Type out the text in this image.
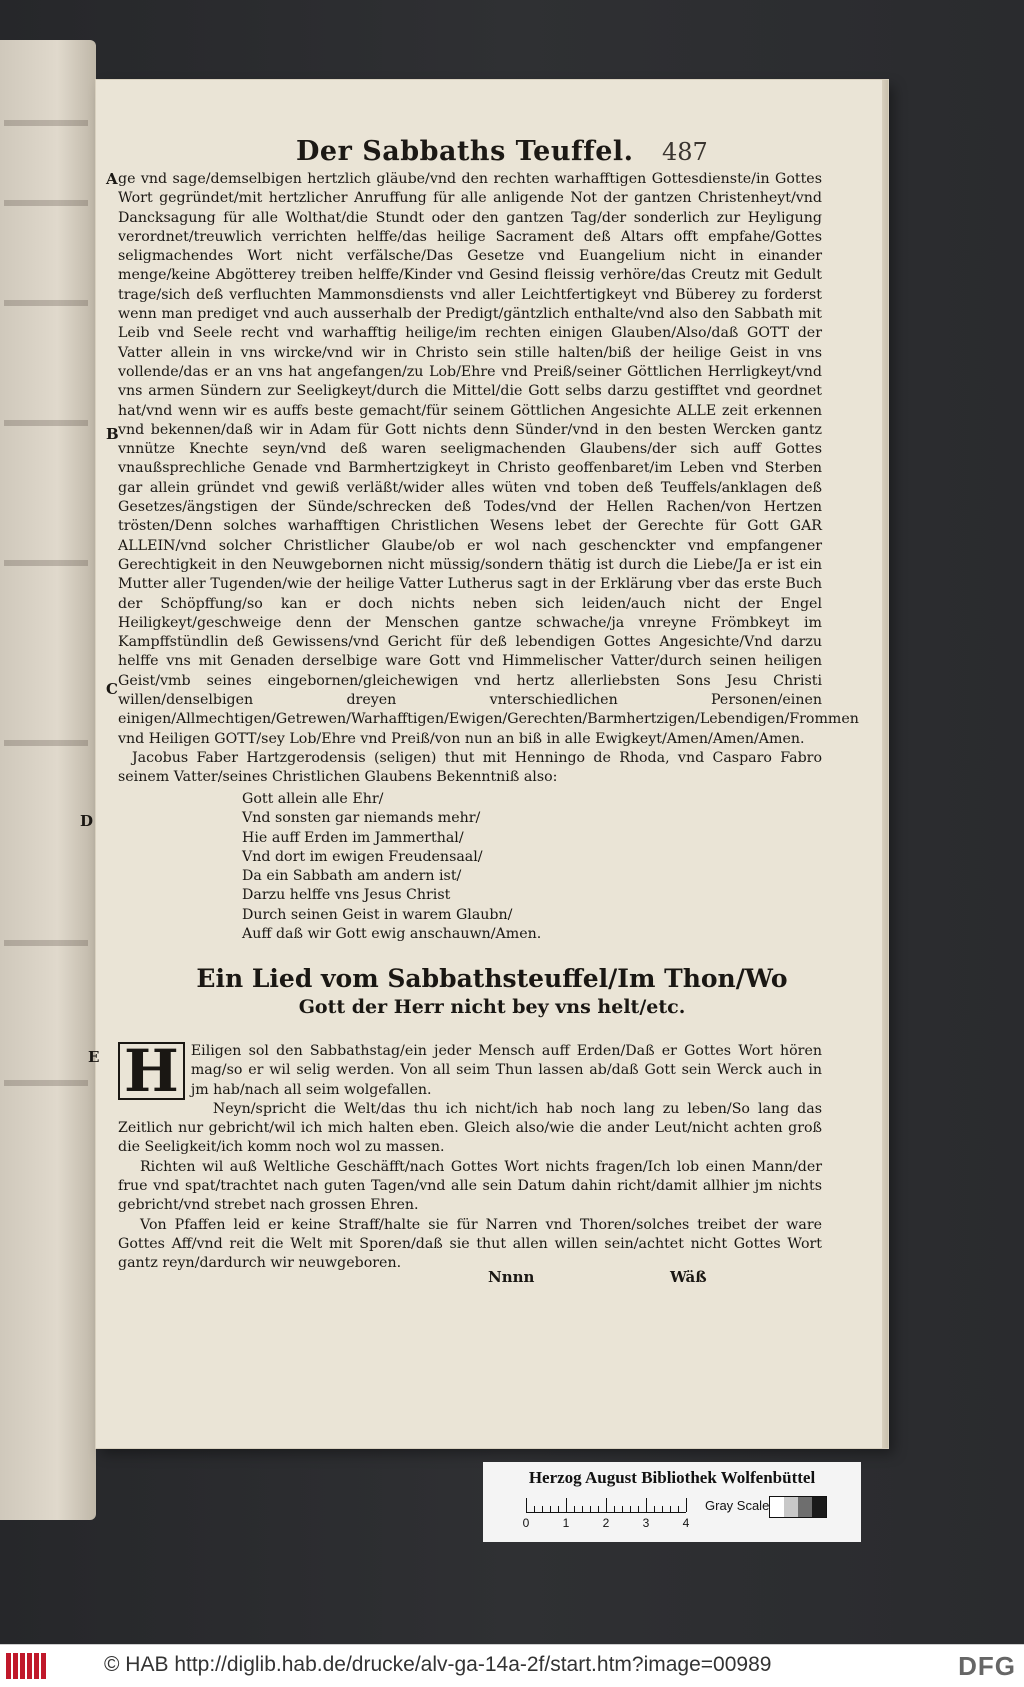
Der Sabbaths Teuffel. 487
A
B
C

ge vnd sage/demselbigen hertzlich gläube/vnd den rechten warhafftigen Gottesdienste/in Gottes Wort gegründet/mit hertzlicher Anruffung für alle anligende Not der gantzen Christenheyt/vnd Dancksagung für alle Wolthat/die Stundt oder den gantzen Tag/der sonderlich zur Heyligung verordnet/treuwlich verrichten helffe/das heilige Sacrament deß Altars offt empfahe/Gottes seligmachendes Wort nicht verfälsche/Das Gesetze vnd Euangelium nicht in einander menge/keine Abgötterey treiben helffe/Kinder vnd Gesind fleissig verhöre/das Creutz mit Gedult trage/sich deß verfluchten Mammonsdiensts vnd aller Leichtfertigkeyt vnd Büberey zu forderst wenn man prediget vnd auch ausserhalb der Predigt/gäntzlich enthalte/vnd also den Sabbath mit Leib vnd Seele recht vnd warhafftig heilige/im rechten einigen Glauben/Also/daß GOTT der Vatter allein in vns wircke/vnd wir in Christo sein stille halten/biß der heilige Geist in vns vollende/das er an vns hat angefangen/zu Lob/Ehre vnd Preiß/seiner Göttlichen Herrligkeyt/vnd vns armen Sündern zur Seeligkeyt/durch die Mittel/die Gott selbs darzu gestifftet vnd geordnet hat/vnd wenn wir es auffs beste gemacht/für seinem Göttlichen Angesichte ALLE zeit erkennen vnd bekennen/daß wir in Adam für Gott nichts denn Sünder/vnd in den besten Wercken gantz vnnütze Knechte seyn/vnd deß waren seeligmachenden Glaubens/der sich auff Gottes vnaußsprechliche Genade vnd Barmhertzigkeyt in Christo geoffenbaret/im Leben vnd Sterben gar allein gründet vnd gewiß verläßt/wider alles wüten vnd toben deß Teuffels/anklagen deß Gesetzes/ängstigen der Sünde/schrecken deß Todes/vnd der Hellen Rachen/von Hertzen trösten/Denn solches warhafftigen Christlichen Wesens lebet der Gerechte für Gott GAR ALLEIN/vnd solcher Christlicher Glaube/ob er wol nach geschenckter vnd empfangener Gerechtigkeit in den Neuwgebornen nicht müssig/sondern thätig ist durch die Liebe/Ja er ist ein Mutter aller Tugenden/wie der heilige Vatter Lutherus sagt in der Erklärung vber das erste Buch der Schöpffung/so kan er doch nichts neben sich leiden/auch nicht der Engel Heiligkeyt/geschweige denn der Menschen gantze schwache/ja vnreyne Frömbkeyt im Kampffstündlin deß Gewissens/vnd Gericht für deß lebendigen Gottes Angesichte/Vnd darzu helffe vns mit Genaden derselbige ware Gott vnd Himmelischer Vatter/durch seinen heiligen Geist/vmb seines eingebornen/gleichewigen vnd hertz allerliebsten Sons Jesu Christi willen/denselbigen dreyen vnterschiedlichen Personen/einen einigen/Allmechtigen/Getrewen/Warhafftigen/Ewigen/Gerechten/Barmhertzigen/Lebendigen/Frommen vnd Heiligen GOTT/sey Lob/Ehre vnd Preiß/von nun an biß in alle Ewigkeyt/Amen/Amen/Amen.

Jacobus Faber Hartzgerodensis (seligen) thut mit Henningo de Rhoda, vnd Casparo Fabro seinem Vatter/seines Christlichen Glaubens Bekenntniß also:

D
Gott allein alle Ehr/
Vnd sonsten gar niemands mehr/
Hie auff Erden im Jammerthal/
Vnd dort im ewigen Freudensaal/
Da ein Sabbath am andern ist/
Darzu helffe vns Jesus Christ
Durch seinen Geist in warem Glaubn/
Auff daß wir Gott ewig anschauwn/Amen.
Ein Lied vom Sabbathsteuffel/Im Thon/Wo
Gott der Herr nicht bey vns helt/etc.
E H Eiligen sol den Sabbathstag/ein jeder Mensch auff Erden/Daß er Gottes Wort hören mag/so er wil selig werden. Von all seim Thun lassen ab/daß Gott sein Werck auch in jm hab/nach all seim wolgefallen.

Neyn/spricht die Welt/das thu ich nicht/ich hab noch lang zu leben/So lang das Zeitlich nur gebricht/wil ich mich halten eben. Gleich also/wie die ander Leut/nicht achten groß die Seeligkeit/ich komm noch wol zu massen.

Richten wil auß Weltliche Geschäfft/nach Gottes Wort nichts fragen/Ich lob einen Mann/der frue vnd spat/trachtet nach guten Tagen/vnd alle sein Datum dahin richt/damit allhier jm nichts gebricht/vnd strebet nach grossen Ehren.

Von Pfaffen leid er keine Straff/halte sie für Narren vnd Thoren/solches treibet der ware Gottes Aff/vnd reit die Welt mit Sporen/daß sie thut allen willen sein/achtet nicht Gottes Wort gantz reyn/dardurch wir neuwgeboren.

Nnnn	Wäß
Herzog August Bibliothek Wolfenbüttel
0	1	2	3	4
Gray Scale
© HAB http://diglib.hab.de/drucke/alv-ga-14a-2f/start.htm?image=00989	DFG
